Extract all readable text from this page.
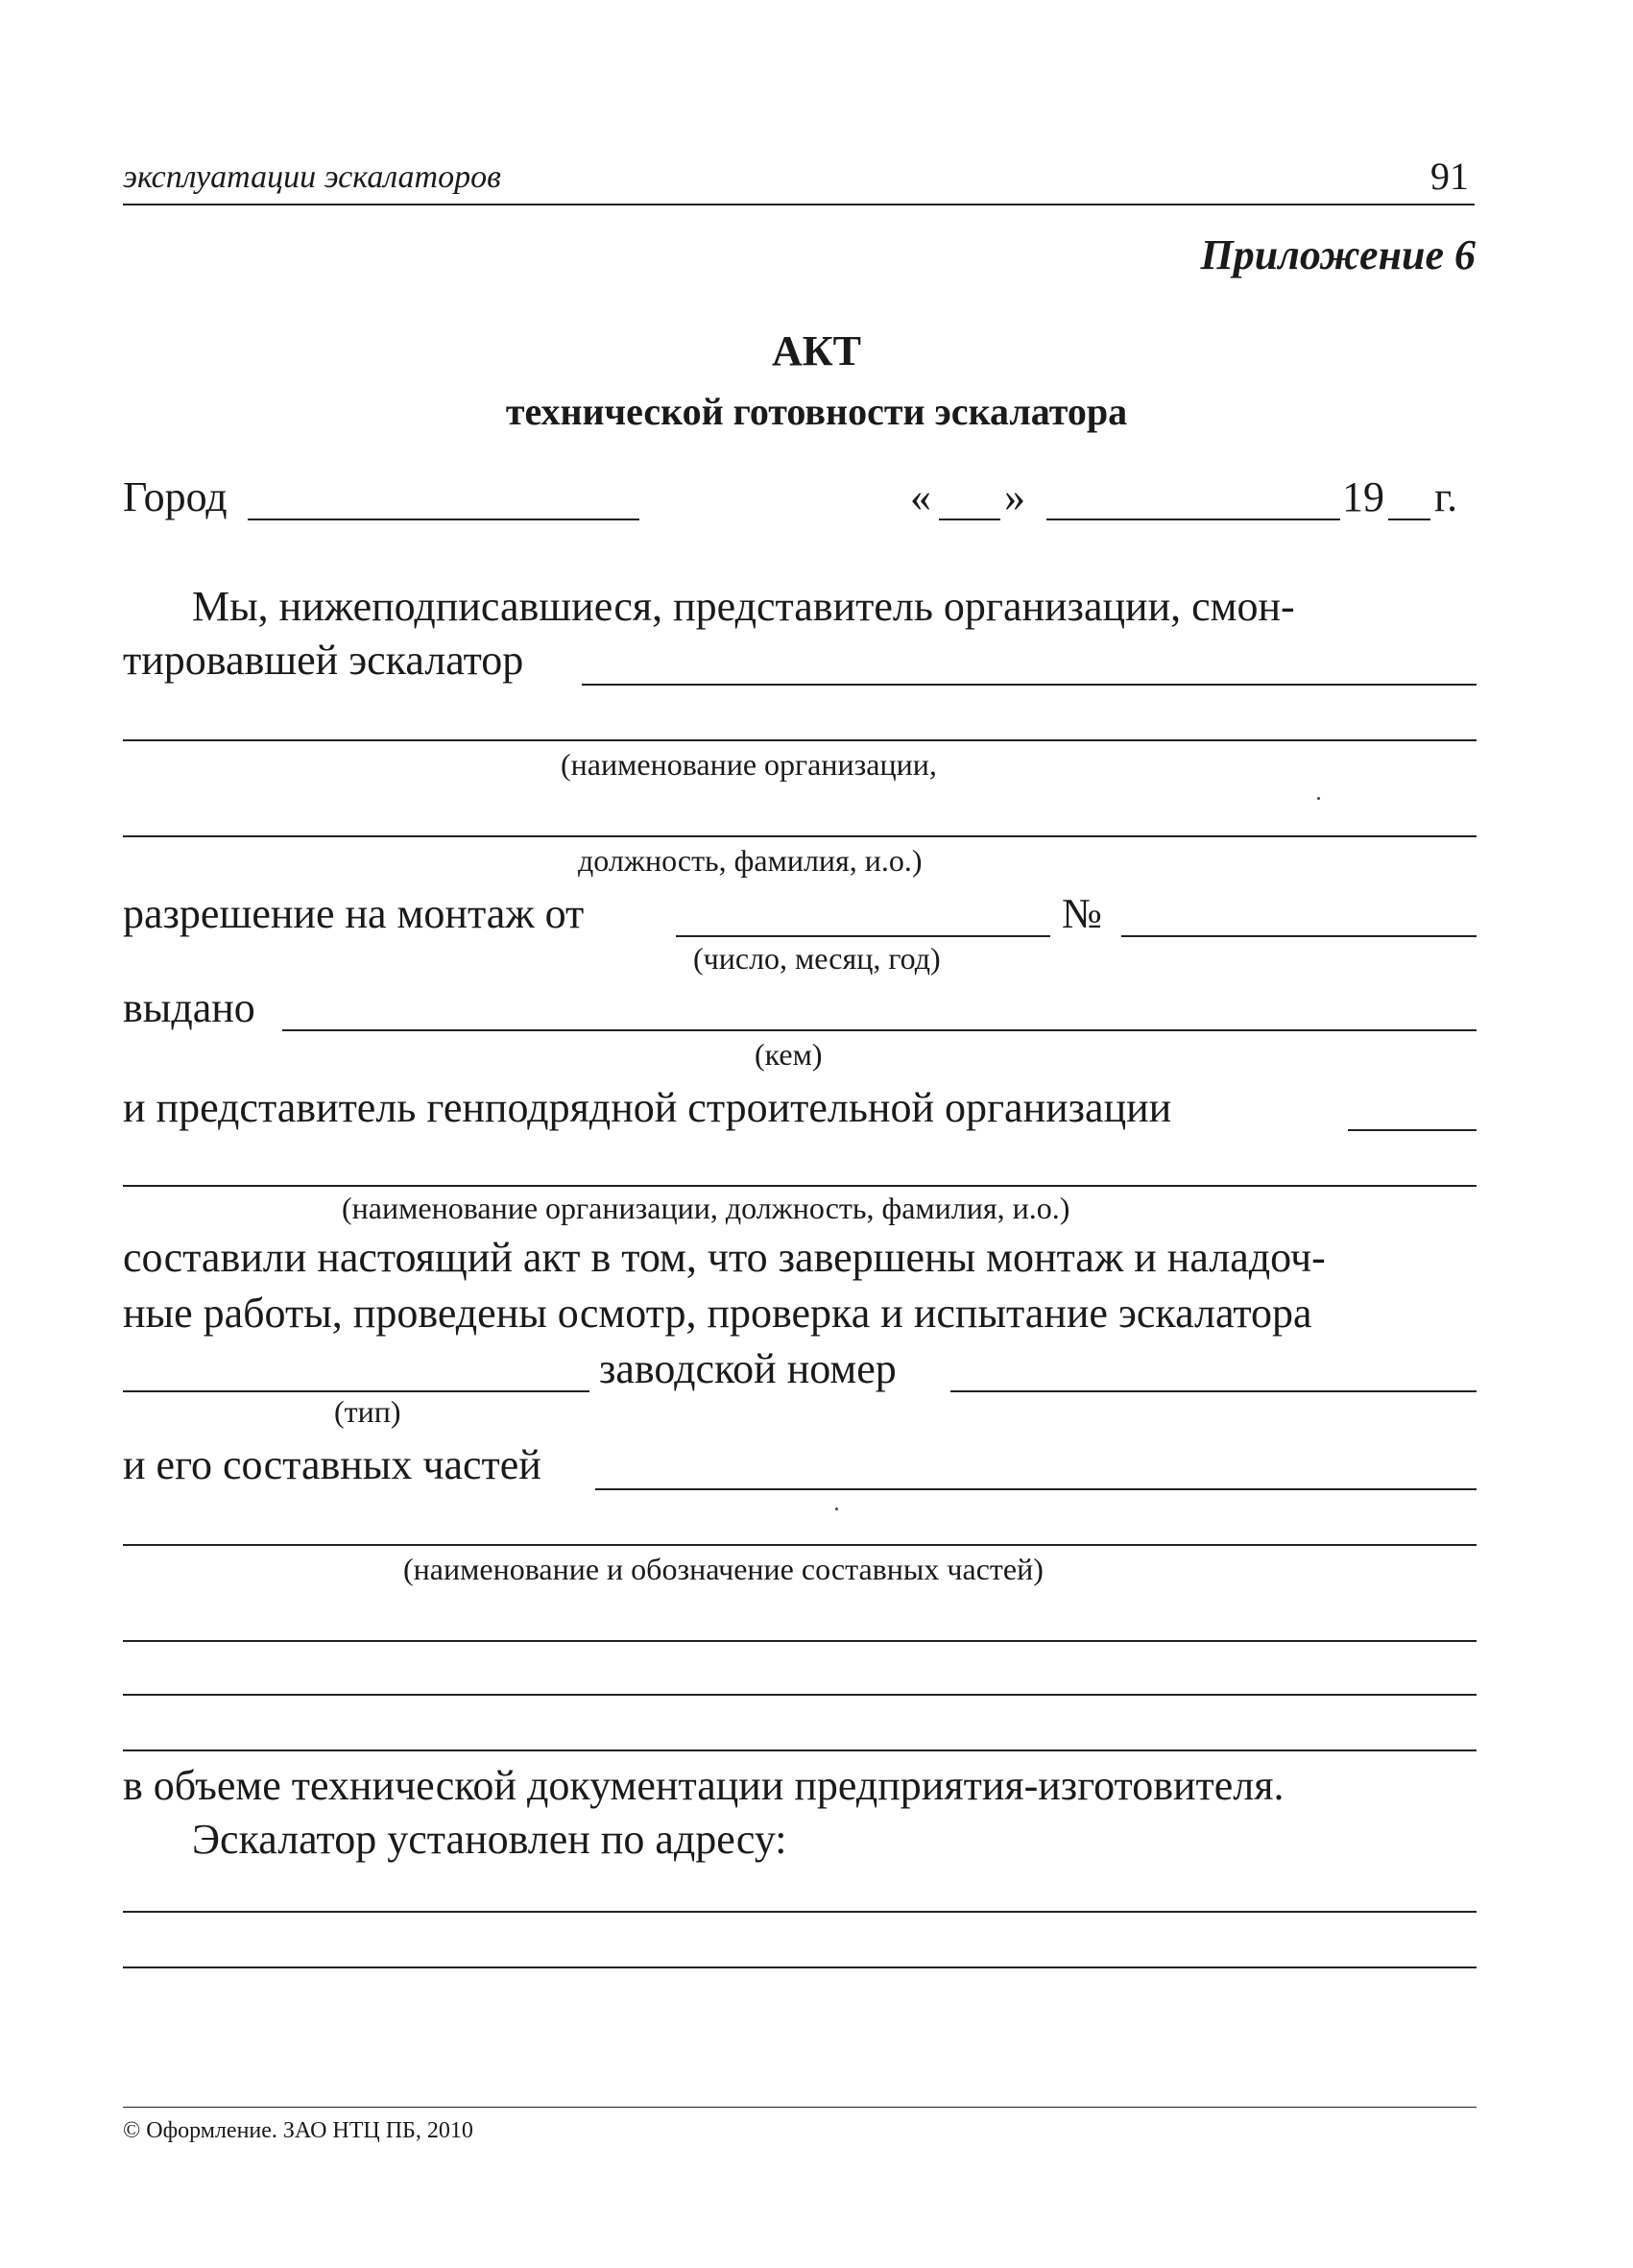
эксплуатации эскалаторов	91
Приложение 6
АКТ
технической готовности эскалатора
Город	« »	19 г.
Мы, нижеподписавшиеся, представитель организации, смон-
тировавшей эскалатор
(наименование организации,
должность, фамилия, и.о.)
разрешение на монтаж от	№
(число, месяц, год)
выдано
(кем)
и представитель генподрядной строительной организации
(наименование организации, должность, фамилия, и.о.)
составили настоящий акт в том, что завершены монтаж и наладоч-
ные работы, проведены осмотр, проверка и испытание эскалатора
заводской номер
(тип)
и его составных частей
(наименование и обозначение составных частей)
в объеме технической документации предприятия-изготовителя.
Эскалатор установлен по адресу:
© Оформление. ЗАО НТЦ ПБ, 2010
